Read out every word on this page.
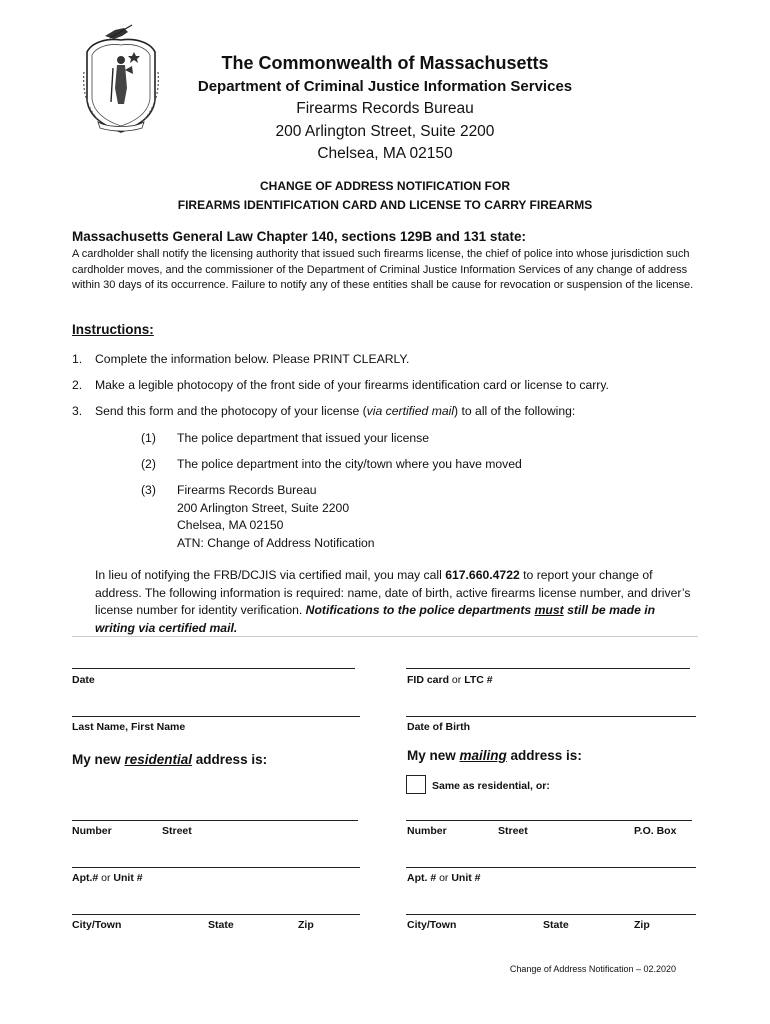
The Commonwealth of Massachusetts
Department of Criminal Justice Information Services
Firearms Records Bureau
200 Arlington Street, Suite 2200
Chelsea, MA 02150
CHANGE OF ADDRESS NOTIFICATION FOR
FIREARMS IDENTIFICATION CARD AND LICENSE TO CARRY FIREARMS
Massachusetts General Law Chapter 140, sections 129B and 131 state:
A cardholder shall notify the licensing authority that issued such firearms license, the chief of police into whose jurisdiction such cardholder moves, and the commissioner of the Department of Criminal Justice Information Services of any change of address within 30 days of its occurrence. Failure to notify any of these entities shall be cause for revocation or suspension of the license.
Instructions:
1. Complete the information below. Please PRINT CLEARLY.
2. Make a legible photocopy of the front side of your firearms identification card or license to carry.
3. Send this form and the photocopy of your license (via certified mail) to all of the following:
(1) The police department that issued your license
(2) The police department into the city/town where you have moved
(3) Firearms Records Bureau
200 Arlington Street, Suite 2200
Chelsea, MA 02150
ATN: Change of Address Notification
In lieu of notifying the FRB/DCJIS via certified mail, you may call 617.660.4722 to report your change of address. The following information is required: name, date of birth, active firearms license number, and driver’s license number for identity verification. Notifications to the police departments must still be made in writing via certified mail.
Date	FID card or LTC #
Last Name, First Name	Date of Birth
My new residential address is:	My new mailing address is:
Same as residential, or:
Number	Street	Number	Street	P.O. Box
Apt.# or Unit #	Apt. # or Unit #
City/Town	State	Zip	City/Town	State	Zip
Change of Address Notification – 02.2020
